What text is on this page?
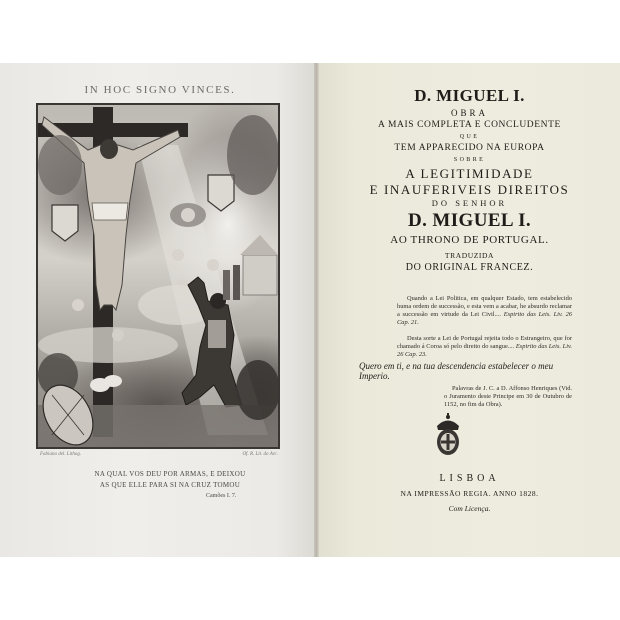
IN HOC SIGNO VINCES.
Fabiano del. Lithog.	Of. R. Lit. do Arc.
NA QUAL VOS DEU POR ARMAS, E DEIXOU
AS QUE ELLE PARA SI NA CRUZ TOMOU
Camões I. 7.
D. MIGUEL I.
OBRA
A MAIS COMPLETA E CONCLUDENTE
QUE
TEM APPARECIDO NA EUROPA
SOBRE
A LEGITIMIDADE
E INAUFERIVEIS DIREITOS
DO SENHOR
D. MIGUEL I.
AO THRONO DE PORTUGAL.
TRADUZIDA
DO ORIGINAL FRANCEZ.
Quando a Lei Politica, em qualquer Estado, tem estabelecido huma ordem de successão, e esta vem a acabar, he absurdo reclamar a successão em virtude da Lei Civil.... Espirito das Leis. Liv. 26 Cap. 21.
Desta sorte a Lei de Portugal rejeita todo o Estrangeiro, que for chamado á Coroa só pelo direito do sangue.... Espirito das Leis. Liv. 26 Cap. 23.
Quero em ti, e na tua descendencia estabelecer o meu Imperio.
Palavras de J. C. a D. Affonso Henriques (Vid. o Juramento deste Principe em 30 de Outubro de 1152, no fim da Obra).
LISBOA
NA IMPRESSÃO REGIA. ANNO 1828.
Com Licença.
